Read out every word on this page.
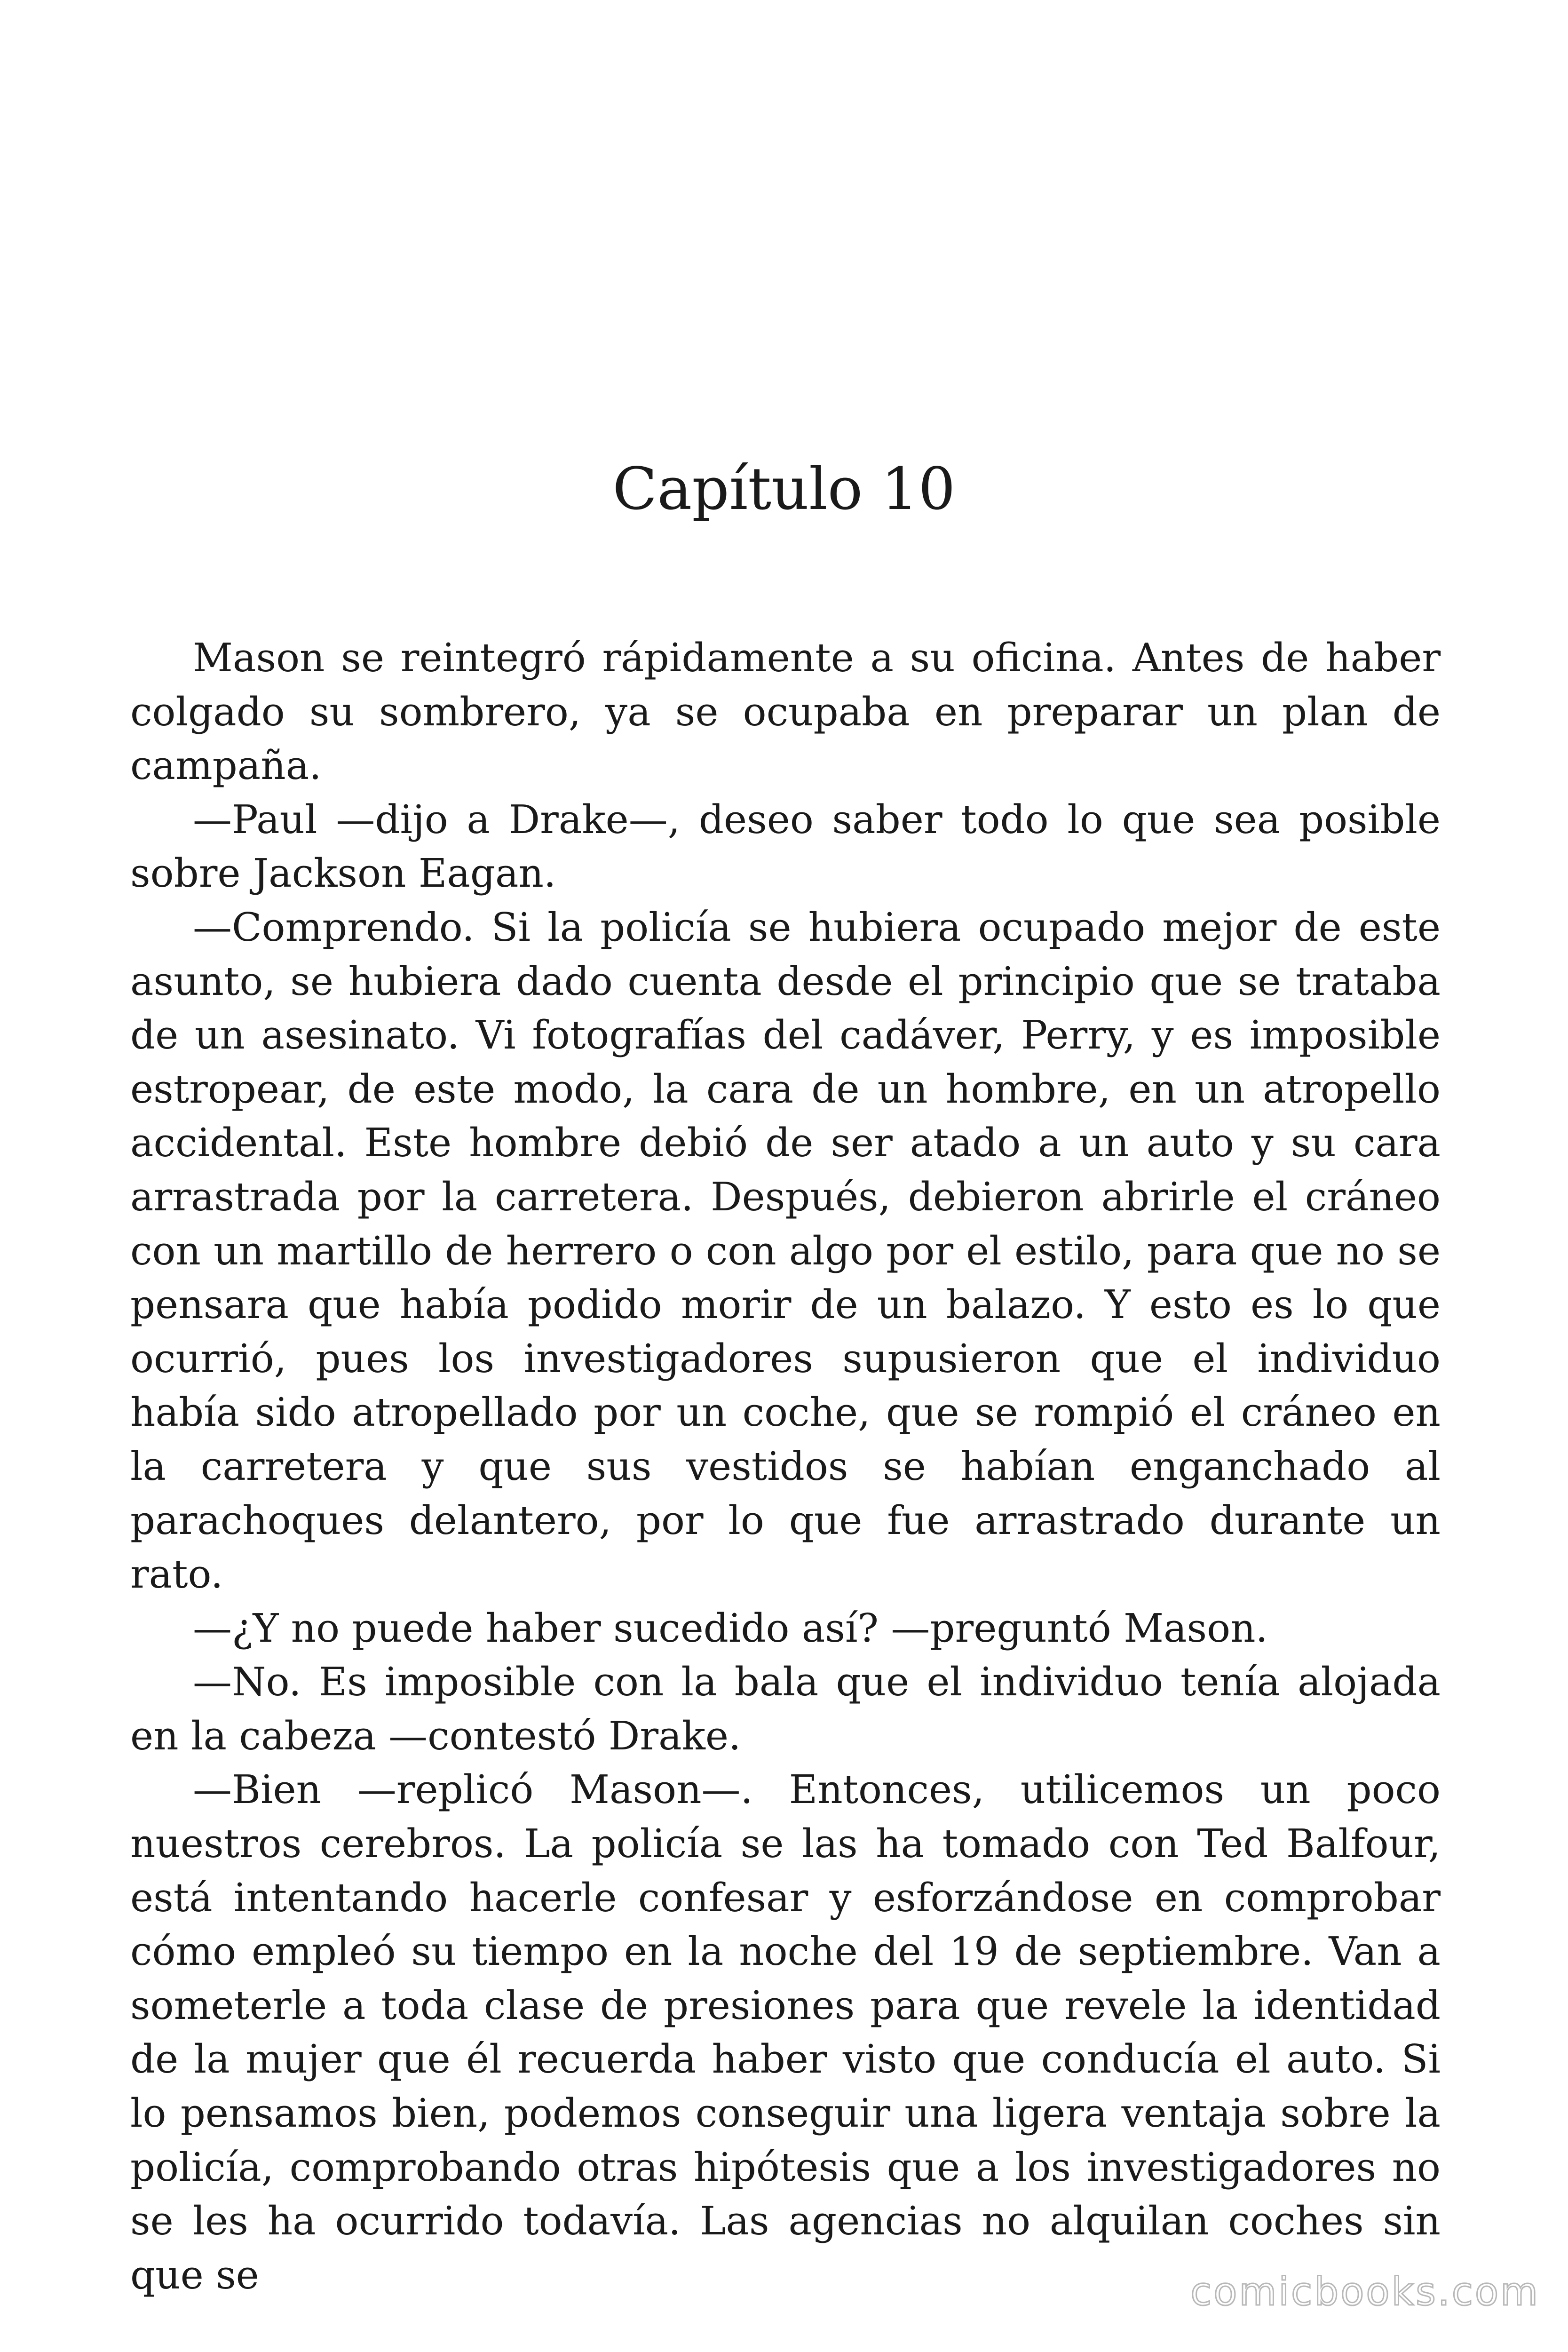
Capítulo 10

Mason se reintegró rápidamente a su oficina. Antes de haber colgado su sombrero, ya se ocupaba en preparar un plan de campaña.

—Paul —dijo a Drake—, deseo saber todo lo que sea posible sobre Jackson Eagan.

—Comprendo. Si la policía se hubiera ocupado mejor de este asunto, se hubiera dado cuenta desde el principio que se trataba de un asesinato. Vi fotografías del cadáver, Perry, y es imposible estropear, de este modo, la cara de un hombre, en un atropello accidental. Este hombre debió de ser atado a un auto y su cara arrastrada por la carretera. Después, debieron abrirle el cráneo con un martillo de herrero o con algo por el estilo, para que no se pensara que había podido morir de un balazo. Y esto es lo que ocurrió, pues los investigadores supusieron que el individuo había sido atropellado por un coche, que se rompió el cráneo en la carretera y que sus vestidos se habían enganchado al parachoques delantero, por lo que fue arrastrado durante un rato.

—¿Y no puede haber sucedido así? —preguntó Mason.

—No. Es imposible con la bala que el individuo tenía alojada en la cabeza —contestó Drake.

—Bien —replicó Mason—. Entonces, utilicemos un poco nuestros cerebros. La policía se las ha tomado con Ted Balfour, está intentando hacerle confesar y esforzándose en comprobar cómo empleó su tiempo en la noche del 19 de septiembre. Van a someterle a toda clase de presiones para que revele la identidad de la mujer que él recuerda haber visto que conducía el auto. Si lo pensamos bien, podemos conseguir una ligera ventaja sobre la policía, comprobando otras hipótesis que a los investigadores no se les ha ocurrido todavía. Las agencias no alquilan coches sin que se	comicbooks.com
